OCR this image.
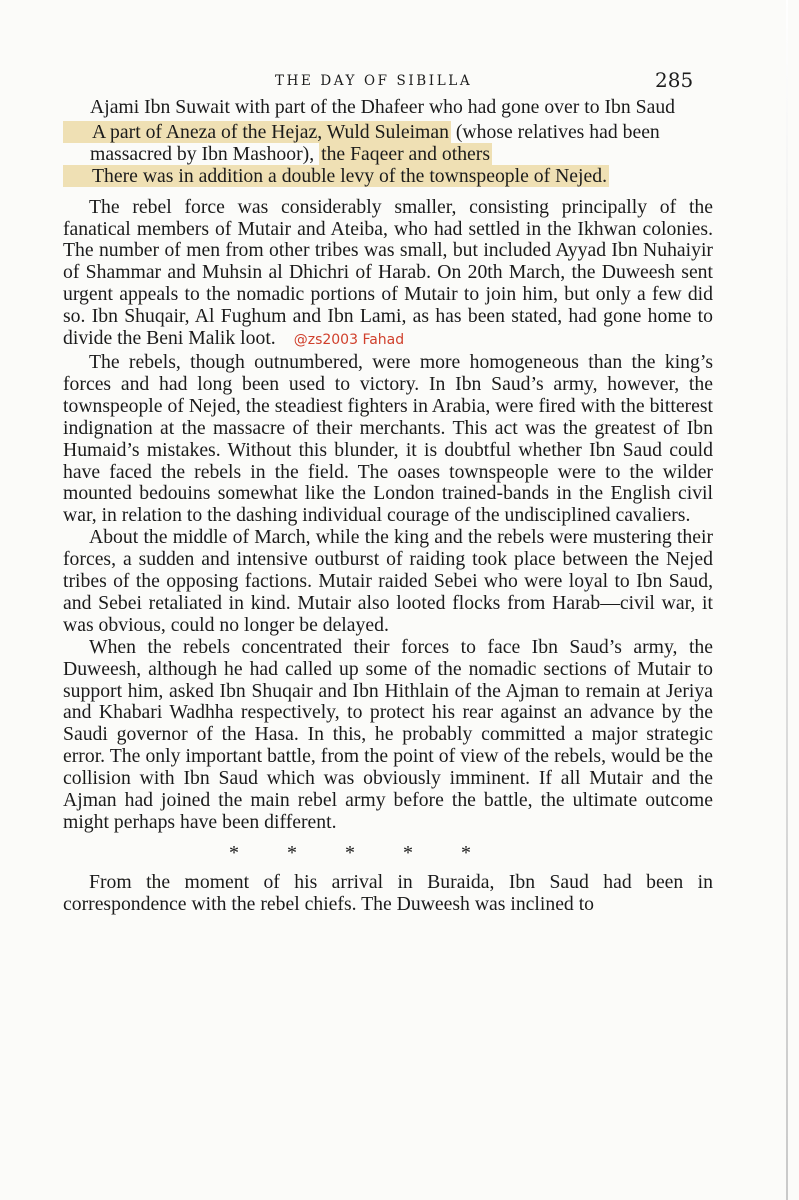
THE DAY OF SIBILLA	285

Ajami Ibn Suwait with part of the Dhafeer who had gone over to Ibn Saud

A part of Aneza of the Hejaz, Wuld Suleiman (whose relatives had been massacred by Ibn Mashoor), the Faqeer and others

There was in addition a double levy of the townspeople of Nejed.

The rebel force was considerably smaller, consisting principally of the fanatical members of Mutair and Ateiba, who had settled in the Ikhwan colonies. The number of men from other tribes was small, but included Ayyad Ibn Nuhaiyir of Shammar and Muhsin al Dhichri of Harab. On 20th March, the Duweesh sent urgent appeals to the nomadic portions of Mutair to join him, but only a few did so. Ibn Shuqair, Al Fughum and Ibn Lami, as has been stated, had gone home to divide the Beni Malik loot. @zs2003 Fahad

The rebels, though outnumbered, were more homogeneous than the king’s forces and had long been used to victory. In Ibn Saud’s army, however, the townspeople of Nejed, the steadiest fighters in Arabia, were fired with the bitterest indignation at the massacre of their merchants. This act was the greatest of Ibn Humaid’s mistakes. Without this blunder, it is doubtful whether Ibn Saud could have faced the rebels in the field. The oases townspeople were to the wilder mounted bedouins somewhat like the London trained-bands in the English civil war, in relation to the dashing individual courage of the undisciplined cavaliers.

About the middle of March, while the king and the rebels were mustering their forces, a sudden and intensive outburst of raiding took place between the Nejed tribes of the opposing factions. Mutair raided Sebei who were loyal to Ibn Saud, and Sebei retaliated in kind. Mutair also looted flocks from Harab—civil war, it was obvious, could no longer be delayed.

When the rebels concentrated their forces to face Ibn Saud’s army, the Duweesh, although he had called up some of the nomadic sections of Mutair to support him, asked Ibn Shuqair and Ibn Hithlain of the Ajman to remain at Jeriya and Khabari Wadhha respectively, to protect his rear against an advance by the Saudi governor of the Hasa. In this, he probably committed a major strategic error. The only important battle, from the point of view of the rebels, would be the collision with Ibn Saud which was obviously imminent. If all Mutair and the Ajman had joined the main rebel army before the battle, the ultimate outcome might perhaps have been different.

* * * * *

From the moment of his arrival in Buraida, Ibn Saud had been in correspondence with the rebel chiefs. The Duweesh was inclined to
